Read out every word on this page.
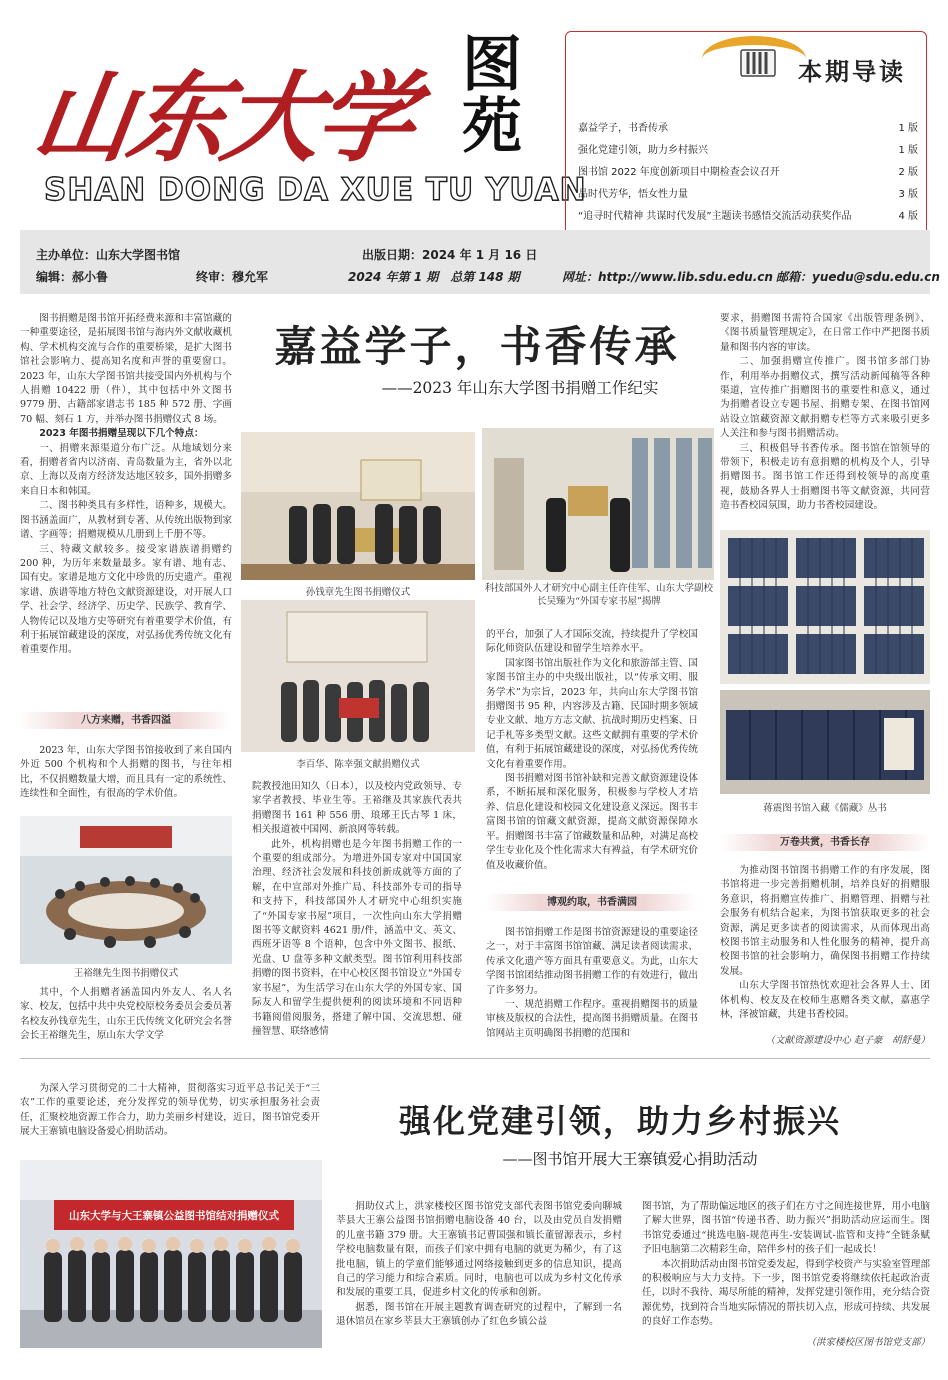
山东大学 图苑
SHAN DONG DA XUE TU YUAN
本期导读
嘉益学子，书香传承	1 版
强化党建引领，助力乡村振兴	1 版
图书馆 2022 年度创新项目中期检查会议召开	2 版
品时代芳华，悟女性力量	3 版
“追寻时代精神 共谋时代发展”主题读书感悟交流活动获奖作品	4 版
主办单位：山东大学图书馆	出版日期：2024 年 1 月 16 日
编辑：郝小鲁	终审：穆允军	2024 年第 1 期　总第 148 期	网址：http://www.lib.sdu.edu.cn 邮箱：yuedu@sdu.edu.cn

图书捐赠是图书馆开拓经费来源和丰富馆藏的一种重要途径，是拓展图书馆与海内外文献收藏机构、学术机构交流与合作的重要桥梁，是扩大图书馆社会影响力、提高知名度和声誉的重要窗口。2023 年，山东大学图书馆共接受国内外机构与个人捐赠 10422 册（件），其中包括中外文图书 9779 册、古籍部家谱志书 185 种 572 册、字画 70 幅、刻石 1 方，并举办图书捐赠仪式 8 场。

2023 年图书捐赠呈现以下几个特点：

一、捐赠来源渠道分布广泛。从地域划分来看，捐赠者省内以济南、青岛数量为主，省外以北京、上海以及南方经济发达地区较多，国外捐赠多来自日本和韩国。

二、图书种类具有多样性，语种多，规模大。图书涵盖面广，从教材到专著、从传统出版物到家谱、字画等；捐赠规模从几册到上千册不等。

三、特藏文献较多。接受家谱族谱捐赠约 200 种，为历年来数量最多。家有谱、地有志、国有史。家谱是地方文化中珍贵的历史遗产。重视家谱、族谱等地方特色文献资源建设，对开展人口学、社会学、经济学、历史学、民族学、教育学、人物传记以及地方史等研究有着重要学术价值，有利于拓展馆藏建设的深度，对弘扬优秀传统文化有着重要作用。

八方来赠，书香四溢

2023 年，山东大学图书馆接收到了来自国内外近 500 个机构和个人捐赠的图书，与往年相比，不仅捐赠数量大增，而且具有一定的系统性、连续性和全面性，有很高的学术价值。

王裕继先生图书捐赠仪式

其中，个人捐赠者涵盖国内外友人、名人名家、校友，包括中共中央党校原校务委员会委员著名校友孙钱章先生，山东王氏传统文化研究会名誉会长王裕继先生，原山东大学文学

嘉益学子，书香传承
——2023 年山东大学图书捐赠工作纪实
孙钱章先生图书捐赠仪式	科技部国外人才研究中心副主任许佳军、山东大学副校长吴臻为“外国专家书屋”揭牌
李百华、陈幸强文献捐赠仪式

院教授池田知久（日本），以及校内党政领导、专家学者教授、毕业生等。王裕继及其家族代表共捐赠图书 161 种 556 册、琅琊王氏古琴 1 床，相关报道被中国网、新浪网等转载。

此外，机构捐赠也是今年图书捐赠工作的一个重要的组成部分。为增进外国专家对中国国家治理、经济社会发展和科技创新成就等方面的了解，在中宣部对外推广局、科技部外专司的指导和支持下，科技部国外人才研究中心组织实施了“外国专家书屋”项目，一次性向山东大学捐赠图书等文献资料 4621 册/件，涵盖中文、英文、西班牙语等 8 个语种，包含中外文图书、报纸、光盘、U 盘等多种文献类型。图书馆利用科技部捐赠的图书资料，在中心校区图书馆设立“外国专家书屋”，为生活学习在山东大学的外国专家、国际友人和留学生提供便利的阅读环境和不同语种书籍阅借阅服务，搭建了解中国、交流思想、碰撞智慧、联络感情

的平台，加强了人才国际交流，持续提升了学校国际化师资队伍建设和留学生培养水平。

国家图书馆出版社作为文化和旅游部主管、国家图书馆主办的中央级出版社，以“传承文明、服务学术”为宗旨，2023 年，共向山东大学图书馆捐赠图书 95 种，内容涉及古籍、民国时期多领域专业文献、地方方志文献、抗战时期历史档案、日记手札等多类型文献。这些文献拥有重要的学术价值，有利于拓展馆藏建设的深度，对弘扬优秀传统文化有着重要作用。

图书捐赠对图书馆补缺和完善文献资源建设体系，不断拓展和深化服务，积极参与学校人才培养、信息化建设和校园文化建设意义深远。图书丰富图书馆的馆藏文献资源，提高文献资源保障水平。捐赠图书丰富了馆藏数量和品种，对满足高校学生专业化及个性化需求大有裨益，有学术研究价值及收藏价值。

博观约取，书香满园

图书馆捐赠工作是图书馆资源建设的重要途径之一，对于丰富图书馆馆藏、满足读者阅读需求、传承文化遗产等方面具有重要意义。为此，山东大学图书馆团结推动图书捐赠工作的有效进行，做出了许多努力。

一、规范捐赠工作程序。重视捐赠图书的质量审核及版权的合法性，提高图书捐赠质量。在图书馆网站主页明确图书捐赠的范围和

要求，捐赠图书需符合国家《出版管理条例》、《图书质量管理规定》，在日常工作中严把图书质量和图书内容的审读。

二、加强捐赠宣传推广。图书馆多部门协作，利用举办捐赠仪式，撰写活动新闻稿等各种渠道，宣传推广捐赠图书的重要性和意义，通过为捐赠者设立专题书屋、捐赠专架、在图书馆网站设立馆藏资源文献捐赠专栏等方式来吸引更多人关注和参与图书捐赠活动。

三、积极倡导书香传承。图书馆在馆领导的带领下，积极走访有意捐赠的机构及个人，引导捐赠图书。图书馆工作还得到校领导的高度重视，鼓励各界人士捐赠图书等文献资源，共同营造书香校园氛围，助力书香校园建设。

蒋震图书馆入藏《儒藏》丛书
万卷共赏，书香长存

为推动图书馆图书捐赠工作的有序发展，图书馆将进一步完善捐赠机制，培养良好的捐赠服务意识，将捐赠宣传推广、捐赠管理、捐赠与社会服务有机结合起来，为图书馆获取更多的社会资源，满足更多读者的阅读需求，从而体现出高校图书馆主动服务和人性化服务的精神，提升高校图书馆的社会影响力，确保图书捐赠工作持续发展。

山东大学图书馆热忱欢迎社会各界人士、团体机构、校友及在校师生惠赠各类文献，嘉惠学林，泽被馆藏，共建书香校园。

（文献资源建设中心 赵子豪　胡舒曼）

为深入学习贯彻党的二十大精神，贯彻落实习近平总书记关于“三农”工作的重要论述，充分发挥党的领导优势，切实承担服务社会责任，汇聚校地资源工作合力，助力美丽乡村建设，近日，图书馆党委开展大王寨镇电脑设备爱心捐助活动。	强化党建引领，助力乡村振兴
——图书馆开展大王寨镇爱心捐助活动
山东大学与大王寨镇公益图书馆结对捐赠仪式

捐助仪式上，洪家楼校区图书馆党支部代表图书馆党委向聊城莘县大王寨公益图书馆捐赠电脑设备 40 台，以及由党员自发捐赠的儿童书籍 379 册。大王寨镇书记曹国强和镇长董留源表示，乡村学校电脑数量有限，而孩子们家中拥有电脑的就更为稀少，有了这批电脑，镇上的学童们能够通过网络接触到更多的信息知识，提高自己的学习能力和综合素质。同时，电脑也可以成为乡村文化传承和发展的重要工具，促进乡村文化的传承和创新。

据悉，图书馆在开展主题教育调查研究的过程中，了解到一名退休馆员在家乡莘县大王寨镇创办了红色乡镇公益

图书馆，为了帮助偏远地区的孩子们在方寸之间连接世界，用小电脑了解大世界，图书馆“传递书香、助力振兴”捐助活动应运而生。图书馆党委通过“挑选电脑-规范再生-安装调试-监管和支持”全链条赋予旧电脑第二次精彩生命，陪伴乡村的孩子们一起成长！

本次捐助活动由图书馆党委发起，得到学校资产与实验室管理部的积极响应与大力支持。下一步，图书馆党委将继续依托起政治责任，以时不我待、竭尽所能的精神，发挥党建引领作用，充分结合资源优势，找到符合当地实际情况的帮扶切入点，形成可持续、共发展的良好工作态势。

（洪家楼校区图书馆党支部）
